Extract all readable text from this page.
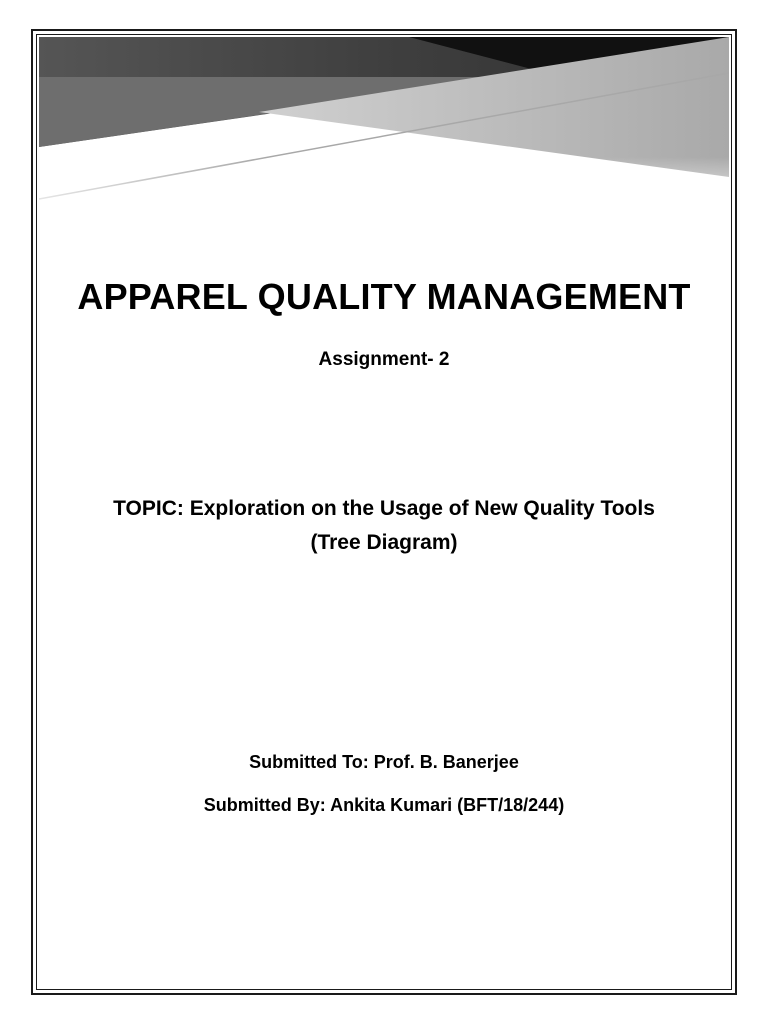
APPAREL QUALITY MANAGEMENT
Assignment- 2
TOPIC: Exploration on the Usage of New Quality Tools
(Tree Diagram)
Submitted To: Prof. B. Banerjee
Submitted By: Ankita Kumari (BFT/18/244)
